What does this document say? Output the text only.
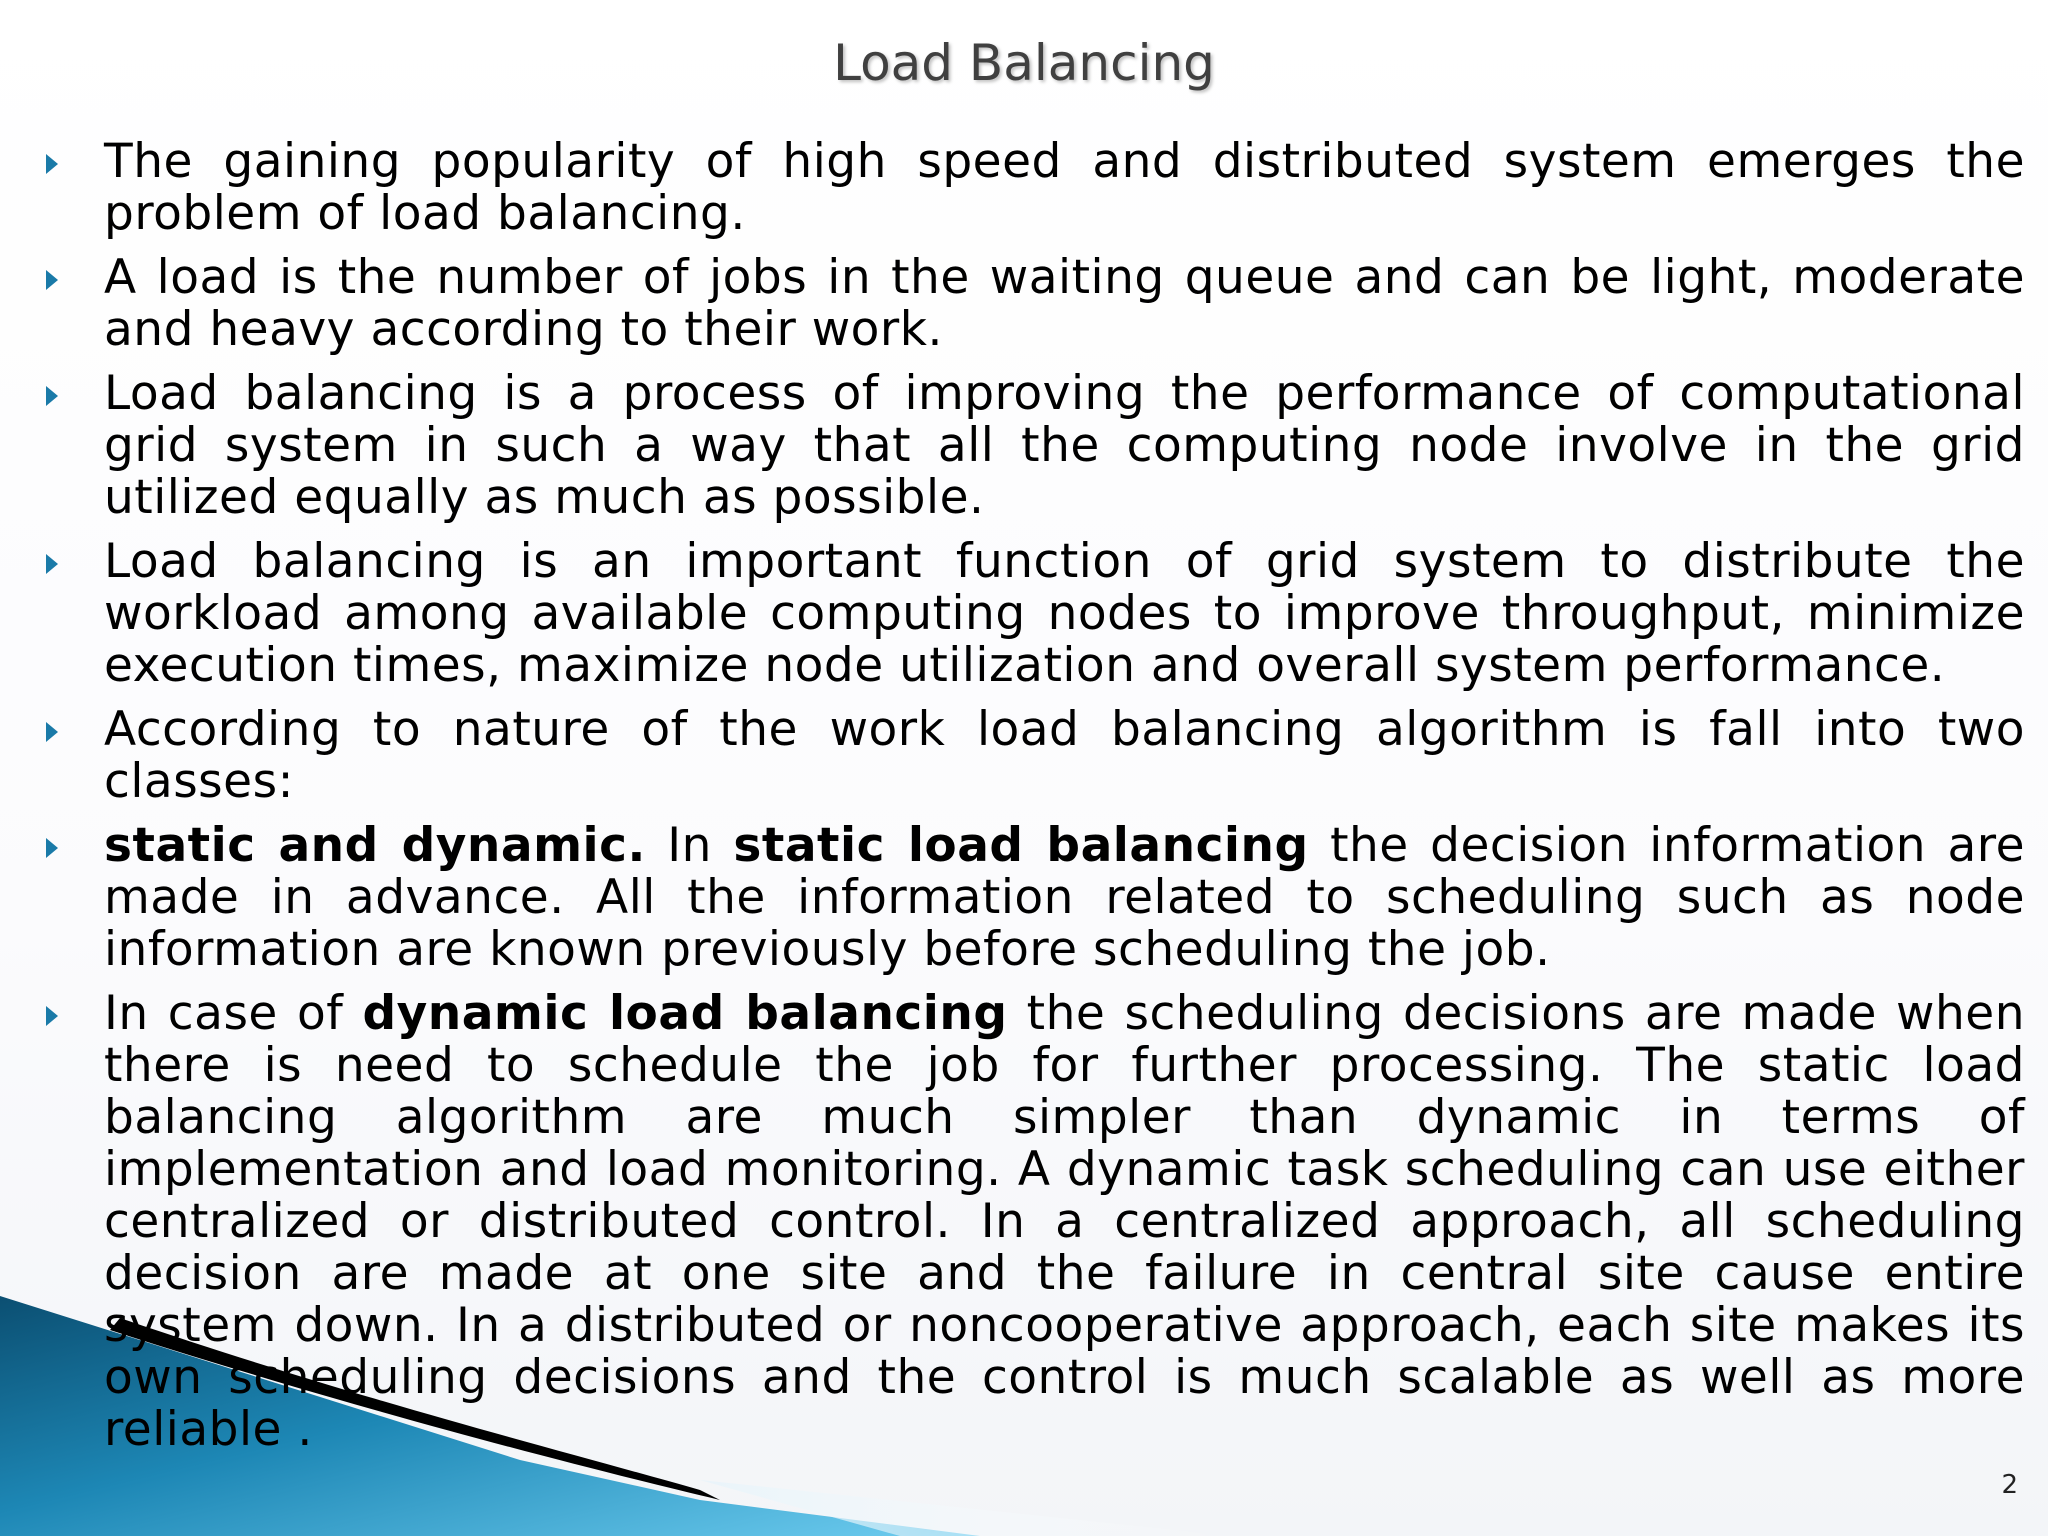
Load Balancing
The gaining popularity of high speed and distributed system emerges the problem of load balancing.
A load is the number of jobs in the waiting queue and can be light, moderate and heavy according to their work.
Load balancing is a process of improving the performance of computational grid system in such a way that all the computing node involve in the grid utilized equally as much as possible.
Load balancing is an important function of grid system to distribute the workload among available computing nodes to improve throughput, minimize execution times, maximize node utilization and overall system performance.
According to nature of the work load balancing algorithm is fall into two classes:
static and dynamic. In static load balancing the decision information are made in advance. All the information related to scheduling such as node information are known previously before scheduling the job.
In case of dynamic load balancing the scheduling decisions are made when there is need to schedule the job for further processing. The static load balancing algorithm are much simpler than dynamic in terms of implementation and load monitoring. A dynamic task scheduling can use either centralized or distributed control. In a centralized approach, all scheduling decision are made at one site and the failure in central site cause entire system down. In a distributed or noncooperative approach, each site makes its own scheduling decisions and the control is much scalable as well as more reliable .
2
